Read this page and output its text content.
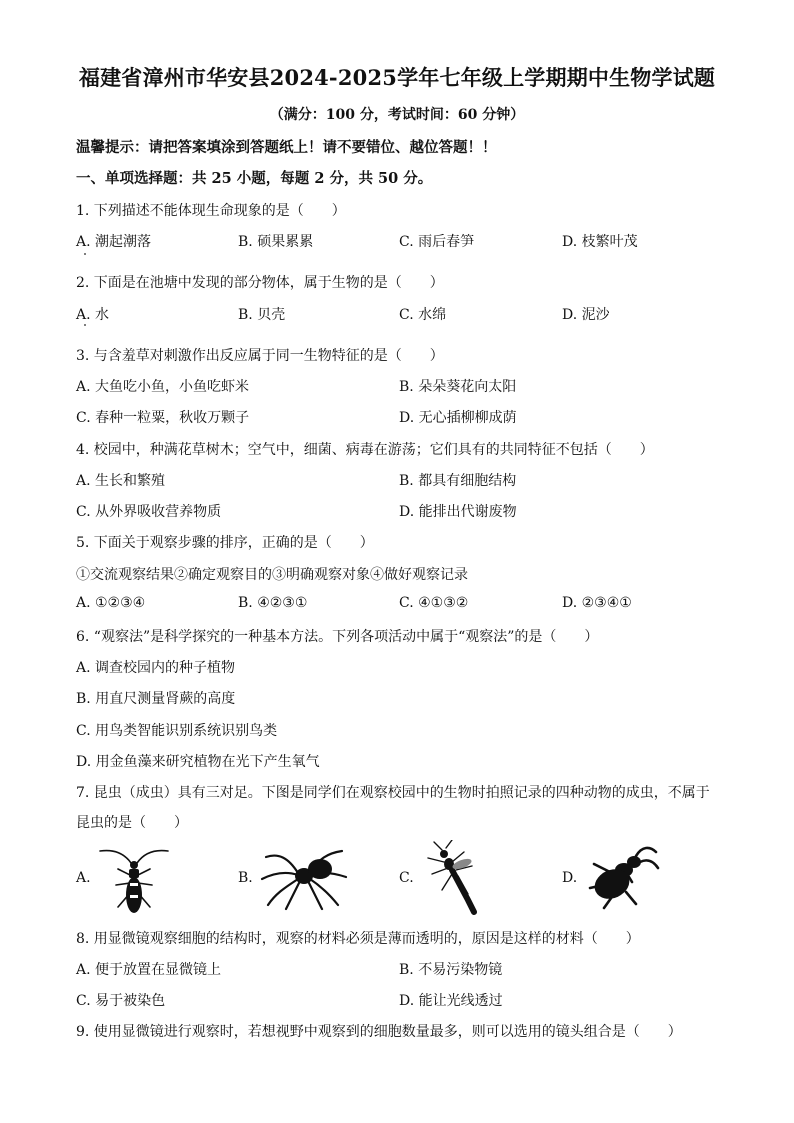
福建省漳州市华安县2024-2025学年七年级上学期期中生物学试题
（满分：100 分，考试时间：60 分钟）
温馨提示：请把答案填涂到答题纸上！请不要错位、越位答题！！
一、单项选择题：共 25 小题，每题 2 分，共 50 分。
1. 下列描述不能体现生命现象的是（　　）
A. 潮起潮落	B. 硕果累累	C. 雨后春笋	D. 枝繁叶茂
2. 下面是在池塘中发现的部分物体，属于生物的是（　　）
A. 水	B. 贝壳	C. 水绵	D. 泥沙
3. 与含羞草对刺激作出反应属于同一生物特征的是（　　）
A. 大鱼吃小鱼，小鱼吃虾米	B. 朵朵葵花向太阳
C. 春种一粒粟，秋收万颗子	D. 无心插柳柳成荫
4. 校园中，种满花草树木；空气中，细菌、病毒在游荡；它们具有的共同特征不包括（　　）
A. 生长和繁殖	B. 都具有细胞结构
C. 从外界吸收营养物质	D. 能排出代谢废物
5. 下面关于观察步骤的排序，正确的是（　　）
①交流观察结果②确定观察目的③明确观察对象④做好观察记录
A. ①②③④	B. ④②③①	C. ④①③②	D. ②③④①
6. “观察法”是科学探究的一种基本方法。下列各项活动中属于“观察法”的是（　　）
A. 调查校园内的种子植物
B. 用直尺测量肾蕨的高度
C. 用鸟类智能识别系统识别鸟类
D. 用金鱼藻来研究植物在光下产生氧气
7. 昆虫（成虫）具有三对足。下图是同学们在观察校园中的生物时拍照记录的四种动物的成虫，不属于
昆虫的是（　　）
A.	B.	C.	D.
8. 用显微镜观察细胞的结构时，观察的材料必须是薄而透明的，原因是这样的材料（　　）
A. 便于放置在显微镜上	B. 不易污染物镜
C. 易于被染色	D. 能让光线透过
9. 使用显微镜进行观察时，若想视野中观察到的细胞数量最多，则可以选用的镜头组合是（　　）
